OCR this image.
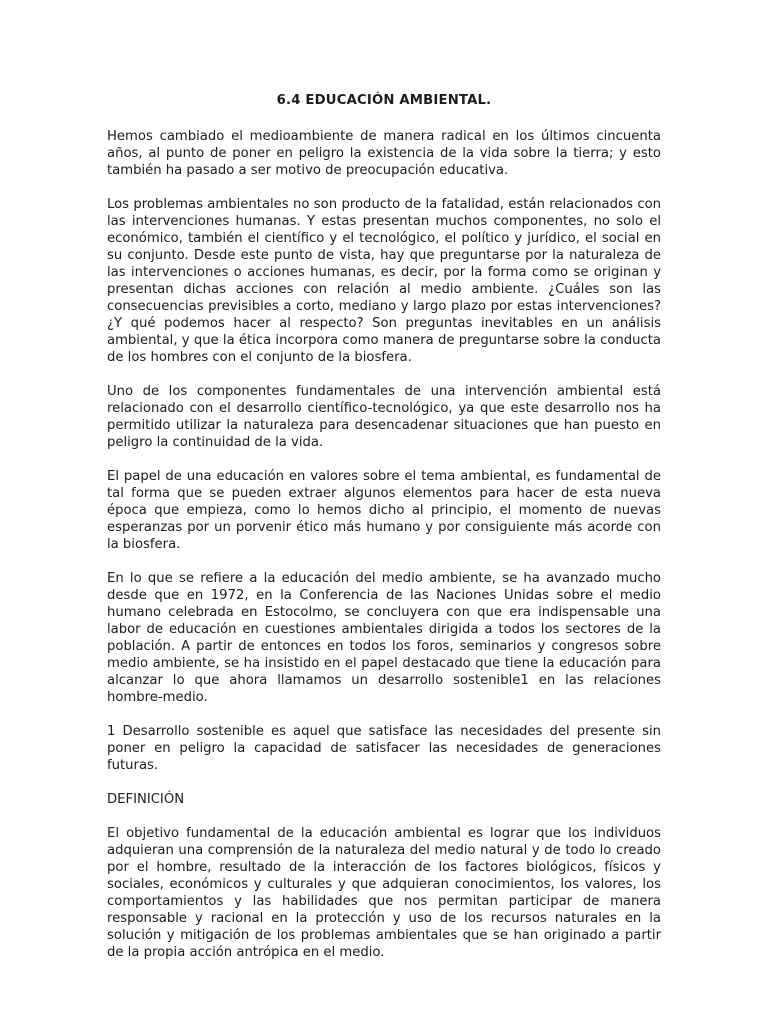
6.4 EDUCACIÓN AMBIENTAL.

Hemos cambiado el medioambiente de manera radical en los últimos cincuenta años, al punto de poner en peligro la existencia de la vida sobre la tierra; y esto también ha pasado a ser motivo de preocupación educativa.

Los problemas ambientales no son producto de la fatalidad, están relacionados con las intervenciones humanas. Y estas presentan muchos componentes, no solo el económico, también el científico y el tecnológico, el político y jurídico, el social en su conjunto. Desde este punto de vista, hay que preguntarse por la naturaleza de las intervenciones o acciones humanas, es decir, por la forma como se originan y presentan dichas acciones con relación al medio ambiente. ¿Cuáles son las consecuencias previsibles a corto, mediano y largo plazo por estas intervenciones? ¿Y qué podemos hacer al respecto? Son preguntas inevitables en un análisis ambiental, y que la ética incorpora como manera de preguntarse sobre la conducta de los hombres con el conjunto de la biosfera.

Uno de los componentes fundamentales de una intervención ambiental está relacionado con el desarrollo científico-tecnológico, ya que este desarrollo nos ha permitido utilizar la naturaleza para desencadenar situaciones que han puesto en peligro la continuidad de la vida.

El papel de una educación en valores sobre el tema ambiental, es fundamental de tal forma que se pueden extraer algunos elementos para hacer de esta nueva época que empieza, como lo hemos dicho al principio, el momento de nuevas esperanzas por un porvenir ético más humano y por consiguiente más acorde con la biosfera.

En lo que se refiere a la educación del medio ambiente, se ha avanzado mucho desde que en 1972, en la Conferencia de las Naciones Unidas sobre el medio humano celebrada en Estocolmo, se concluyera con que era indispensable una labor de educación en cuestiones ambientales dirigida a todos los sectores de la población. A partir de entonces en todos los foros, seminarios y congresos sobre medio ambiente, se ha insistido en el papel destacado que tiene la educación para alcanzar lo que ahora llamamos un desarrollo sostenible1 en las relaciones hombre-medio.

1 Desarrollo sostenible es aquel que satisface las necesidades del presente sin poner en peligro la capacidad de satisfacer las necesidades de generaciones futuras.

DEFINICIÓN

El objetivo fundamental de la educación ambiental es lograr que los individuos adquieran una comprensión de la naturaleza del medio natural y de todo lo creado por el hombre, resultado de la interacción de los factores biológicos, físicos y sociales, económicos y culturales y que adquieran conocimientos, los valores, los comportamientos y las habilidades que nos permitan participar de manera responsable y racional en la protección y uso de los recursos naturales en la solución y mitigación de los problemas ambientales que se han originado a partir de la propia acción antrópica en el medio.
